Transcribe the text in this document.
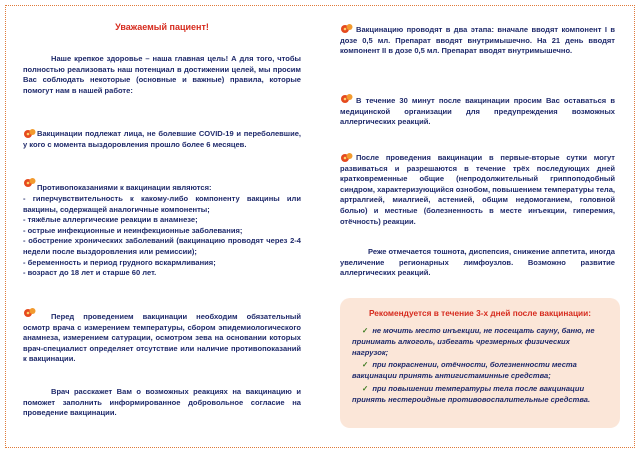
Уважаемый пациент!

Наше крепкое здоровье – наша главная цель! А для того, чтобы полностью реализовать наш потенциал в достижении целей, мы просим Вас соблюдать некоторые (основные и важные) правила, которые помогут нам в нашей работе:

Вакцинации подлежат лица, не болевшие COVID-19 и переболевшие, у кого с момента выздоровления прошло более 6 месяцев.

Противопоказаниями к вакцинации являются:

- гиперчувствительность к какому-либо компоненту вакцины или вакцины, содержащей аналогичные компоненты;
- тяжёлые аллергические реакции в анамнезе;
- острые инфекционные и неинфекционные заболевания;
- обострение хронических заболеваний (вакцинацию проводят через 2-4 недели после выздоровления или ремиссии);
- беременность и период грудного вскармливания;
- возраст до 18 лет и старше 60 лет.

Перед проведением вакцинации необходим обязательный осмотр врача с измерением температуры, сбором эпидемиологического анамнеза, измерением сатурации, осмотром зева на основании которых врач-специалист определяет отсутствие или наличие противопоказаний к вакцинации.

Врач расскажет Вам о возможных реакциях на вакцинацию и поможет заполнить информированное добровольное согласие на проведение вакцинации.

Вакцинацию проводят в два этапа: вначале вводят компонент I в дозе 0,5 мл. Препарат вводят внутримышечно. На 21 день вводят компонент II в дозе 0,5 мл. Препарат вводят внутримышечно.

В течение 30 минут после вакцинации просим Вас оставаться в медицинской организации для предупреждения возможных аллергических реакций.

После проведения вакцинации в первые-вторые сутки могут развиваться и разрешаются в течение трёх последующих дней кратковременные общие (непродолжительный гриппоподобный синдром, характеризующийся ознобом, повышением температуры тела, артралгией, миалгией, астенией, общим недомоганием, головной болью) и местные (болезненность в месте инъекции, гиперемия, отёчность) реакции.

Реже отмечается тошнота, диспепсия, снижение аппетита, иногда увеличение регионарных лимфоузлов. Возможно развитие аллергических реакций.

Рекомендуется в течение 3-х дней после вакцинации:
✓ не мочить место инъекции, не посещать сауну, баню, не принимать алкоголь, избегать чрезмерных физических нагрузок;
✓ при покраснении, отёчности, болезненности места вакцинации принять антигистаминные средства;
✓ при повышении температуры тела после вакцинации принять нестероидные противовоспалительные средства.
